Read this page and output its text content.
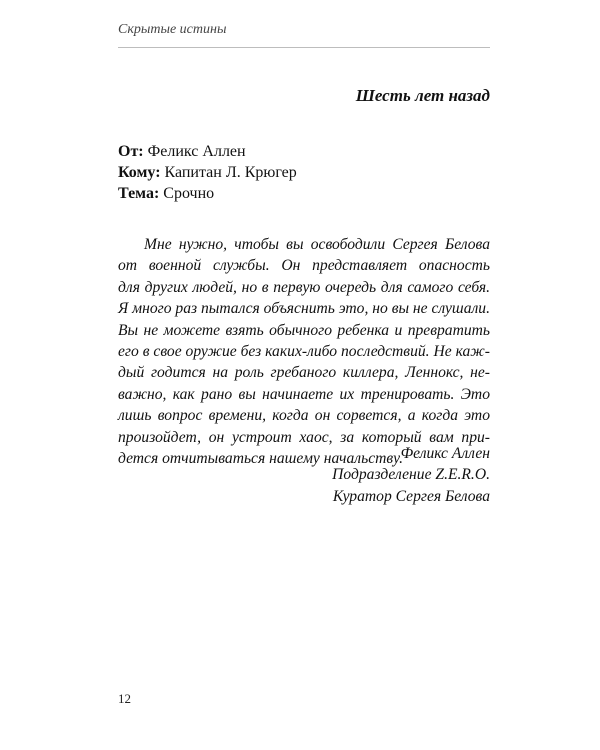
Скрытые истины
Шесть лет назад
От: Феликс Аллен
Кому: Капитан Л. Крюгер
Тема: Срочно
Мне нужно, чтобы вы освободили Сергея Белова
от военной службы. Он представляет опасность
для других людей, но в первую очередь для самого себя.
Я много раз пытался объяснить это, но вы не слушали.
Вы не можете взять обычного ребенка и превратить
его в свое оружие без каких-либо последствий. Не каж-
дый годится на роль гребаного киллера, Леннокс, не-
важно, как рано вы начинаете их тренировать. Это
лишь вопрос времени, когда он сорвется, а когда это
произойдет, он устроит хаос, за который вам при-
дется отчитываться нашему начальству.
Феликс Аллен
Подразделение Z.E.R.O.
Куратор Сергея Белова
12
